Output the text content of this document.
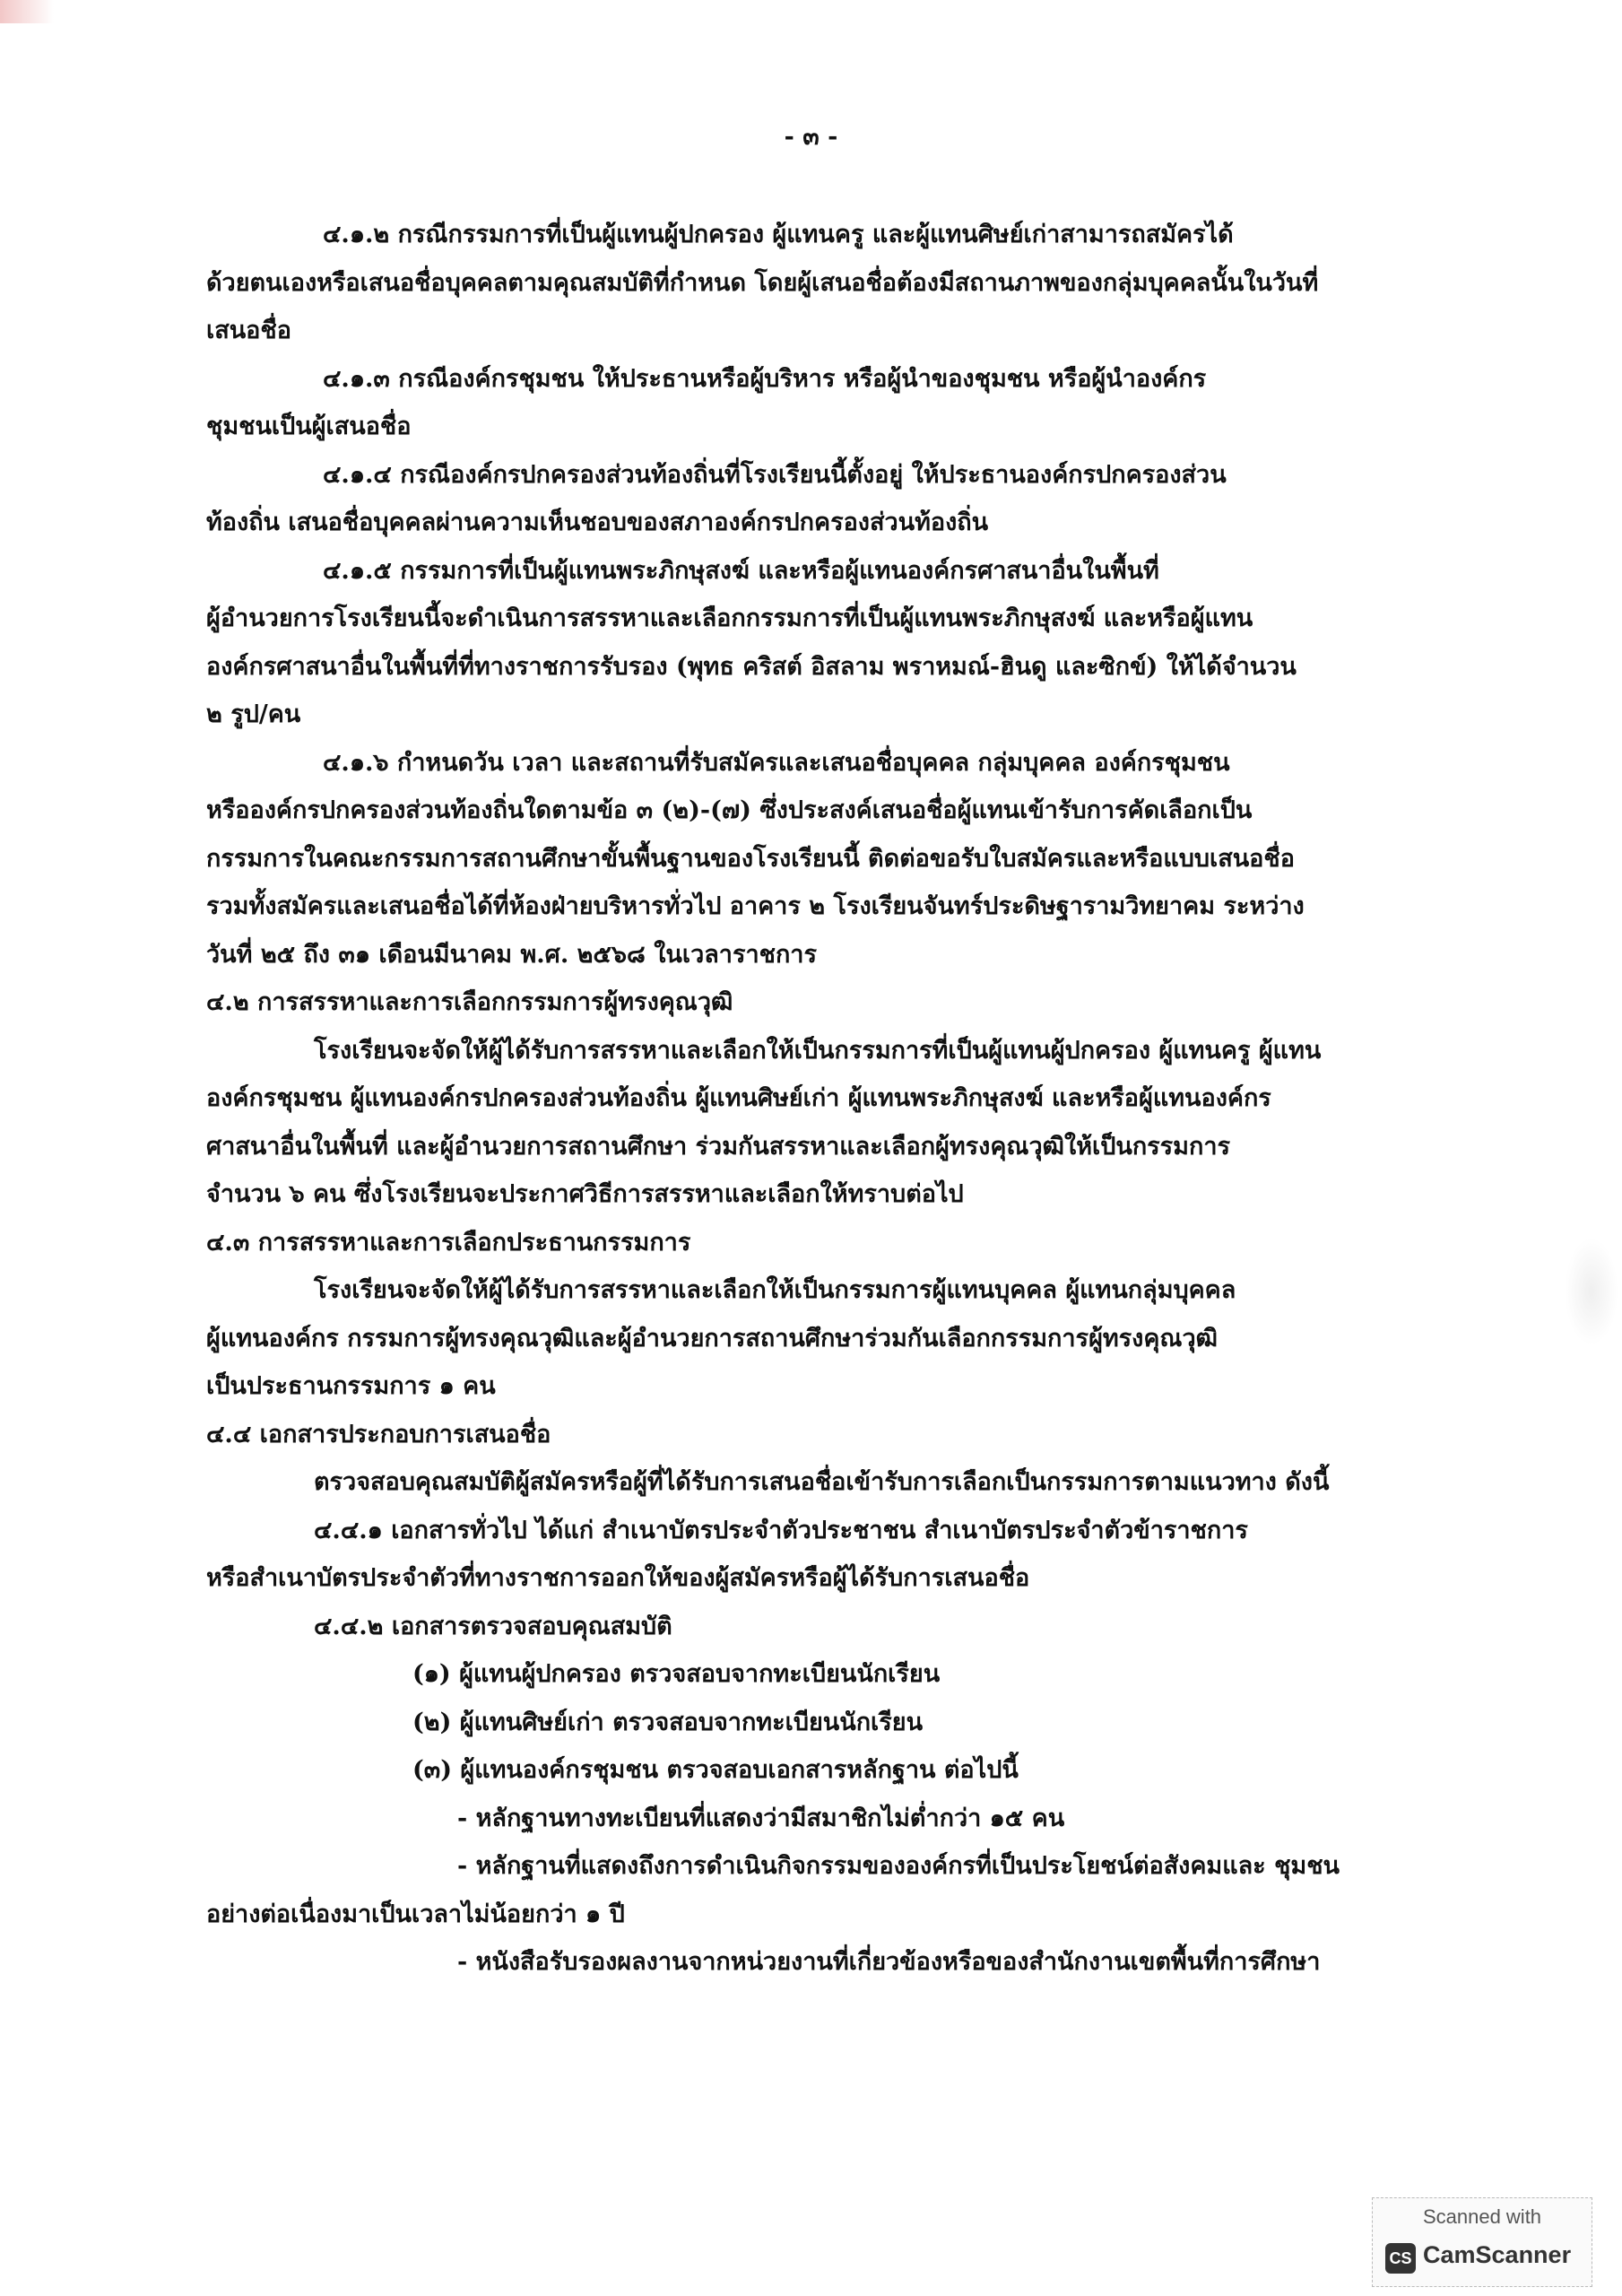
- ๓ -
๔.๑.๒ กรณีกรรมการที่เป็นผู้แทนผู้ปกครอง ผู้แทนครู และผู้แทนศิษย์เก่าสามารถสมัครได้
ด้วยตนเองหรือเสนอชื่อบุคคลตามคุณสมบัติที่กำหนด โดยผู้เสนอชื่อต้องมีสถานภาพของกลุ่มบุคคลนั้นในวันที่
เสนอชื่อ
๔.๑.๓ กรณีองค์กรชุมชน ให้ประธานหรือผู้บริหาร หรือผู้นำของชุมชน หรือผู้นำองค์กร
ชุมชนเป็นผู้เสนอชื่อ
๔.๑.๔ กรณีองค์กรปกครองส่วนท้องถิ่นที่โรงเรียนนี้ตั้งอยู่ ให้ประธานองค์กรปกครองส่วน
ท้องถิ่น เสนอชื่อบุคคลผ่านความเห็นชอบของสภาองค์กรปกครองส่วนท้องถิ่น
๔.๑.๕ กรรมการที่เป็นผู้แทนพระภิกษุสงฆ์ และหรือผู้แทนองค์กรศาสนาอื่นในพื้นที่
ผู้อำนวยการโรงเรียนนี้จะดำเนินการสรรหาและเลือกกรรมการที่เป็นผู้แทนพระภิกษุสงฆ์ และหรือผู้แทน
องค์กรศาสนาอื่นในพื้นที่ที่ทางราชการรับรอง (พุทธ คริสต์ อิสลาม พราหมณ์-ฮินดู และซิกข์) ให้ได้จำนวน
๒ รูป/คน
๔.๑.๖ กำหนดวัน เวลา และสถานที่รับสมัครและเสนอชื่อบุคคล กลุ่มบุคคล องค์กรชุมชน
หรือองค์กรปกครองส่วนท้องถิ่นใดตามข้อ ๓ (๒)-(๗) ซึ่งประสงค์เสนอชื่อผู้แทนเข้ารับการคัดเลือกเป็น
กรรมการในคณะกรรมการสถานศึกษาขั้นพื้นฐานของโรงเรียนนี้ ติดต่อขอรับใบสมัครและหรือแบบเสนอชื่อ
รวมทั้งสมัครและเสนอชื่อได้ที่ห้องฝ่ายบริหารทั่วไป อาคาร ๒ โรงเรียนจันทร์ประดิษฐารามวิทยาคม ระหว่าง
วันที่ ๒๕ ถึง ๓๑ เดือนมีนาคม พ.ศ. ๒๕๖๘ ในเวลาราชการ
๔.๒ การสรรหาและการเลือกกรรมการผู้ทรงคุณวุฒิ
โรงเรียนจะจัดให้ผู้ได้รับการสรรหาและเลือกให้เป็นกรรมการที่เป็นผู้แทนผู้ปกครอง ผู้แทนครู ผู้แทน
องค์กรชุมชน ผู้แทนองค์กรปกครองส่วนท้องถิ่น ผู้แทนศิษย์เก่า ผู้แทนพระภิกษุสงฆ์ และหรือผู้แทนองค์กร
ศาสนาอื่นในพื้นที่ และผู้อำนวยการสถานศึกษา ร่วมกันสรรหาและเลือกผู้ทรงคุณวุฒิให้เป็นกรรมการ
จำนวน ๖ คน ซึ่งโรงเรียนจะประกาศวิธีการสรรหาและเลือกให้ทราบต่อไป
๔.๓ การสรรหาและการเลือกประธานกรรมการ
โรงเรียนจะจัดให้ผู้ได้รับการสรรหาและเลือกให้เป็นกรรมการผู้แทนบุคคล ผู้แทนกลุ่มบุคคล
ผู้แทนองค์กร กรรมการผู้ทรงคุณวุฒิและผู้อำนวยการสถานศึกษาร่วมกันเลือกกรรมการผู้ทรงคุณวุฒิ
เป็นประธานกรรมการ ๑ คน
๔.๔ เอกสารประกอบการเสนอชื่อ
ตรวจสอบคุณสมบัติผู้สมัครหรือผู้ที่ได้รับการเสนอชื่อเข้ารับการเลือกเป็นกรรมการตามแนวทาง ดังนี้
๔.๔.๑ เอกสารทั่วไป ได้แก่ สำเนาบัตรประจำตัวประชาชน สำเนาบัตรประจำตัวข้าราชการ
หรือสำเนาบัตรประจำตัวที่ทางราชการออกให้ของผู้สมัครหรือผู้ได้รับการเสนอชื่อ
๔.๔.๒ เอกสารตรวจสอบคุณสมบัติ
(๑) ผู้แทนผู้ปกครอง ตรวจสอบจากทะเบียนนักเรียน
(๒) ผู้แทนศิษย์เก่า ตรวจสอบจากทะเบียนนักเรียน
(๓) ผู้แทนองค์กรชุมชน ตรวจสอบเอกสารหลักฐาน ต่อไปนี้
- หลักฐานทางทะเบียนที่แสดงว่ามีสมาชิกไม่ต่ำกว่า ๑๕ คน
- หลักฐานที่แสดงถึงการดำเนินกิจกรรมขององค์กรที่เป็นประโยชน์ต่อสังคมและ ชุมชน
อย่างต่อเนื่องมาเป็นเวลาไม่น้อยกว่า ๑ ปี
- หนังสือรับรองผลงานจากหน่วยงานที่เกี่ยวข้องหรือของสำนักงานเขตพื้นที่การศึกษา
Scanned with
CS CamScanner
